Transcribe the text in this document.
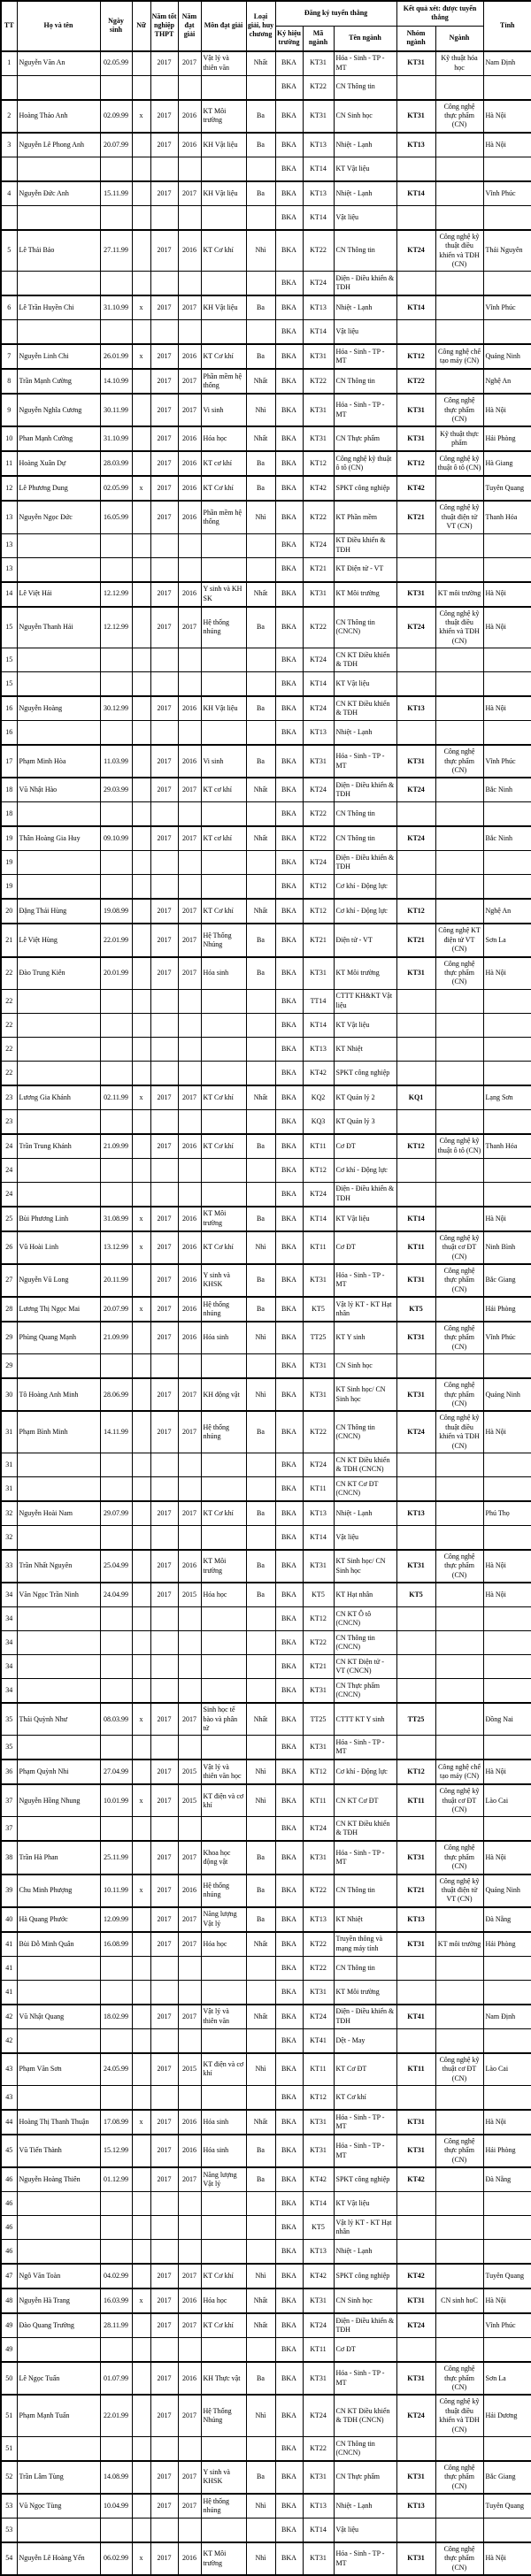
TT	Họ và tên	Ngày sinh	Nữ	Năm tốt nghiệp THPT	Năm đạt giải	Môn đạt giải	Loại giải, huy chương	Đăng ký tuyển thẳng			Kết quả xét: được tuyển thẳng		Tỉnh
								Ký hiệu trường	Mã ngành	Tên ngành	Nhóm ngành	Ngành	
1	Nguyễn Văn An	02.05.99		2017	2017	Vật lý và thiên văn	Nhất	BKA	KT31	Hóa - Sinh - TP - MT	KT31	Kỹ thuật hóa học	Nam Định
								BKA	KT22	CN Thông tin			
2	Hoàng Thảo Anh	02.09.99	x	2017	2016	KT Môi trường	Ba	BKA	KT31	CN Sinh học	KT31	Công nghệ thực phẩm (CN)	Hà Nội
3	Nguyễn Lê Phong Anh	20.07.99		2017	2016	KH Vật liệu	Ba	BKA	KT13	Nhiệt - Lạnh	KT13		Hà Nội
								BKA	KT14	KT Vật liệu			
4	Nguyễn Đức Anh	15.11.99		2017	2017	KH Vật liệu	Ba	BKA	KT13	Nhiệt - Lạnh	KT14		Vĩnh Phúc
								BKA	KT14	Vật liệu			
5	Lê Thái Bảo	27.11.99		2017	2016	KT Cơ khí	Nhì	BKA	KT22	CN Thông tin	KT24	Công nghệ kỹ thuật điều khiển và TĐH (CN)	Thái Nguyên
								BKA	KT24	Điện - Điều khiển & TĐH			
6	Lê Trần Huyền Chi	31.10.99	x	2017	2017	KH Vật liệu	Ba	BKA	KT13	Nhiệt - Lạnh	KT14		Vĩnh Phúc
								BKA	KT14	Vật liệu			
7	Nguyễn Linh Chi	26.01.99	x	2017	2016	KT Cơ khí	Ba	BKA	KT31	Hóa - Sinh - TP - MT	KT12	Công nghệ chế tạo máy (CN)	Quảng Ninh
8	Trần Mạnh Cường	14.10.99		2017	2017	Phần mềm hệ thống	Nhất	BKA	KT22	CN Thông tin	KT22		Nghệ An
9	Nguyễn Nghĩa Cương	30.11.99		2017	2017	Vi sinh	Nhì	BKA	KT31	Hóa - Sinh - TP - MT	KT31	Công nghệ thực phẩm (CN)	Hà Nội
10	Phan Mạnh Cường	31.10.99		2017	2016	Hóa học	Nhất	BKA	KT31	CN Thực phẩm	KT31	Kỹ thuật thực phẩm	Hải Phòng
11	Hoàng Xuân Dự	28.03.99		2017	2016	KT cơ khí	Ba	BKA	KT12	Công nghệ kỹ thuật ô tô (CN)	KT12	Công nghệ kỹ thuật ô tô (CN)	Hà Giang
12	Lê Phương Dung	02.05.99	x	2017	2016	KT Cơ khí	Ba	BKA	KT42	SPKT công nghiệp	KT42		Tuyên Quang
13	Nguyễn Ngọc Đức	16.05.99		2017	2016	Phần mềm hệ thống	Nhì	BKA	KT22	KT Phần mềm	KT21	Công nghệ kỹ thuật điện tử VT (CN)	Thanh Hóa
13								BKA	KT24	KT Điều khiển & TĐH			
13								BKA	KT21	KT Điện tử - VT			
14	Lê Việt Hải	12.12.99		2017	2016	Y sinh và KH SK	Nhất	BKA	KT31	KT Môi trường	KT31	KT môi trường	Hà Nội
15	Nguyễn Thanh Hải	12.12.99		2017	2017	Hệ thống nhúng	Ba	BKA	KT22	CN Thông tin (CNCN)	KT24	Công nghệ kỹ thuật điều khiển và TĐH (CN)	Hà Nội
15								BKA	KT24	CN KT Điều khiển & TĐH			
15								BKA	KT14	KT Vật liệu			
16	Nguyễn Hoàng	30.12.99		2017	2016	KH Vật liệu	Ba	BKA	KT24	CN KT Điều khiển & TĐH	KT13		Hà Nội
16								BKA	KT13	Nhiệt - Lạnh			
17	Phạm Minh Hòa	11.03.99		2017	2016	Vi sinh	Ba	BKA	KT31	Hóa - Sinh - TP - MT	KT31	Công nghệ thực phẩm (CN)	Vĩnh Phúc
18	Vũ Nhật Hào	29.03.99		2017	2017	KT cơ khí	Nhất	BKA	KT24	Điện - Điều khiển & TĐH	KT24		Bắc Ninh
18								BKA	KT22	CN Thông tin			
19	Thân Hoàng Gia Huy	09.10.99		2017	2017	KT cơ khí	Nhất	BKA	KT22	CN Thông tin	KT24		Bắc Ninh
19								BKA	KT24	Điện - Điều khiển & TĐH			
19								BKA	KT12	Cơ khí - Động lực			
20	Đặng Thái Hùng	19.08.99		2017	2017	KT Cơ khí	Nhất	BKA	KT12	Cơ khí - Động lực	KT12		Nghệ An
21	Lê Việt Hùng	22.01.99		2017	2017	Hệ Thống Nhúng	Ba	BKA	KT21	Điện tử - VT	KT21	Công nghệ KT điện tử VT (CN)	Sơn La
22	Đào Trung Kiên	20.01.99		2017	2017	Hóa sinh	Ba	BKA	KT31	KT Môi trường	KT31	Công nghệ thực phẩm (CN)	Hà Nội
22								BKA	TT14	CTTT KH&KT Vật liệu			
22								BKA	KT14	KT Vật liệu			
22								BKA	KT13	KT Nhiệt			
22								BKA	KT42	SPKT công nghiệp			
23	Lương Gia Khánh	02.11.99	x	2017	2017	KT Cơ khí	Nhất	BKA	KQ2	KT Quản lý 2	KQ1		Lạng Sơn
23								BKA	KQ3	KT Quản lý 3			
24	Trần Trung Khánh	21.09.99		2017	2016	KT Cơ khí	Ba	BKA	KT11	Cơ ĐT	KT12	Công nghệ kỹ thuật ô tô (CN)	Thanh Hóa
24								BKA	KT12	Cơ khí - Động lực			
24								BKA	KT24	Điện - Điều khiển & TĐH			
25	Bùi Phương Linh	31.08.99	x	2017	2016	KT Môi trường	Ba	BKA	KT14	KT Vật liệu	KT14		Hà Nội
26	Vũ Hoài Linh	13.12.99	x	2017	2016	KT Cơ khí	Nhì	BKA	KT11	Cơ ĐT	KT11	Công nghệ kỹ thuật cơ ĐT (CN)	Ninh Bình
27	Nguyễn Vũ Long	20.11.99		2017	2016	Y sinh và KHSK	Ba	BKA	KT31	Hóa - Sinh - TP - MT	KT31	Công nghệ thực phẩm (CN)	Bắc Giang
28	Lương Thị Ngọc Mai	20.07.99	x	2017	2016	Hệ thống nhúng	Ba	BKA	KT5	Vật lý KT - KT Hạt nhân	KT5		Hải Phòng
29	Phùng Quang Mạnh	21.09.99		2017	2016	Hóa sinh	Nhì	BKA	TT25	KT Y sinh	KT31	Công nghệ thực phẩm (CN)	Vĩnh Phúc
29								BKA	KT31	CN Sinh học			
30	Tô Hoàng Anh Minh	28.06.99		2017	2017	KH động vật	Nhì	BKA	KT31	KT Sinh học/ CN Sinh học	KT31	Công nghệ thực phẩm (CN)	Quảng Ninh
31	Phạm Bình Minh	14.11.99		2017	2017	Hệ thống nhúng	Ba	BKA	KT22	CN Thông tin (CNCN)	KT24	Công nghệ kỹ thuật điều khiển và TĐH (CN)	Hà Nội
31								BKA	KT24	CN KT Điều khiển & TĐH (CNCN)			
31								BKA	KT11	CN KT Cơ ĐT (CNCN)			
32	Nguyễn Hoài Nam	29.07.99		2017	2017	KT Cơ khí	Ba	BKA	KT13	Nhiệt - Lạnh	KT13		Phú Thọ
32								BKA	KT14	Vật liệu			
33	Trần Nhất Nguyên	25.04.99		2017	2016	KT Môi trường	Ba	BKA	KT31	KT Sinh học/ CN Sinh học	KT31	Công nghệ thực phẩm (CN)	Hà Nội
34	Văn Ngọc Trần Ninh	24.04.99		2017	2015	Hóa học	Ba	BKA	KT5	KT Hạt nhân	KT5		Hà Nội
34								BKA	KT12	CN KT Ô tô (CNCN)			
34								BKA	KT22	CN Thông tin (CNCN)			
34								BKA	KT21	CN KT Điện tử - VT (CNCN)			
34								BKA	KT31	CN Thực phẩm (CNCN)			
35	Thái Quỳnh Như	08.03.99	x	2017	2017	Sinh học tế bào và phân tử	Nhất	BKA	TT25	CTTT KT Y sinh	TT25		Đồng Nai
35								BKA	KT31	Hóa - Sinh - TP - MT			
36	Phạm Quỳnh Nhi	27.04.99		2017	2015	Vật lý và thiên văn học	Nhì	BKA	KT12	Cơ khí - Động lực	KT12	Công nghệ chế tạo máy (CN)	Hà Nội
37	Nguyễn Hồng Nhung	10.01.99	x	2017	2015	KT điện và cơ khí	Nhì	BKA	KT11	CN KT Cơ ĐT	KT11	Công nghệ kỹ thuật cơ ĐT (CN)	Lào Cai
37								BKA	KT24	CN KT Điều khiển & TĐH			
38	Trần Hà Phan	25.11.99		2017	2017	Khoa học động vật	Ba	BKA	KT31	Hóa - Sinh - TP - MT	KT31	Công nghệ thực phẩm (CN)	Hà Nội
39	Chu Minh Phượng	10.11.99	x	2017	2016	Hệ thống nhúng	Ba	BKA	KT22	CN Thông tin	KT21	Công nghệ kỹ thuật điện tử VT (CN)	Quảng Ninh
40	Hà Quang Phước	12.09.99		2017	2017	Năng lượng Vật lý	Ba	BKA	KT13	KT Nhiệt	KT13		Đà Nẵng
41	Bùi Đỗ Minh Quân	16.08.99		2017	2017	Hóa học	Nhất	BKA	KT22	Truyền thông và mạng máy tính	KT31	KT môi trường	Hải Phòng
41								BKA	KT22	CN Thông tin			
41								BKA	KT31	KT Môi trường			
42	Vũ Nhật Quang	18.02.99		2017	2017	Vật lý và thiên văn	Nhất	BKA	KT24	Điện - Điều khiển & TĐH	KT41		Nam Định
42								BKA	KT41	Dệt - May			
43	Phạm Văn Sơn	24.05.99		2017	2015	KT điện và cơ khí	Nhì	BKA	KT11	KT Cơ ĐT	KT11	Công nghệ kỹ thuật cơ ĐT (CN)	Lào Cai
43								BKA	KT12	KT Cơ khí			
44	Hoàng Thị Thanh Thuận	17.08.99	x	2017	2016	Hóa sinh	Nhất	BKA	KT31	Hóa - Sinh - TP - MT	KT31		Hà Nội
45	Vũ Tiến Thành	15.12.99		2017	2016	Hóa sinh	Ba	BKA	KT31	Hóa - Sinh - TP - MT	KT31	Công nghệ thực phẩm (CN)	Hải Phòng
46	Nguyễn Hoàng Thiên	01.12.99		2017	2017	Năng lượng Vật lý	Ba	BKA	KT42	SPKT công nghiệp	KT42		Đà Nẵng
46								BKA	KT14	KT Vật liệu			
46								BKA	KT5	Vật lý KT - KT Hạt nhân			
46								BKA	KT13	Nhiệt - Lạnh			
47	Ngô Văn Toàn	04.02.99		2017	2017	KT Cơ khí	Nhì	BKA	KT42	SPKT công nghiệp	KT42		Tuyên Quang
48	Nguyễn Hà Trang	16.03.99	x	2017	2016	Hóa học	Nhất	BKA	KT31	CN Sinh học	KT31	CN sinh hoC	Hà Nội
49	Đào Quang Trường	28.11.99		2017	2017	KT Cơ khí	Nhất	BKA	KT24	Điện - Điều khiển & TĐH	KT24		Vĩnh Phúc
49								BKA	KT11	Cơ ĐT			
50	Lê Ngọc Tuấn	01.07.99		2017	2016	KH Thực vật	Ba	BKA	KT31	Hóa - Sinh - TP - MT	KT31	Công nghệ thực phẩm (CN)	Sơn La
51	Phạm Mạnh Tuấn	22.01.99		2017	2017	Hệ Thống Nhúng	Nhì	BKA	KT24	CN KT Điều khiển & TĐH (CNCN)	KT24	Công nghệ kỹ thuật điều khiển và TĐH (CN)	Hải Dương
51								BKA	KT22	CN Thông tin (CNCN)			
52	Trần Lâm Tùng	14.08.99		2017	2017	Y sinh và KHSK	Ba	BKA	KT31	CN Thực phẩm	KT31	Công nghệ thực phẩm (CN)	Bắc Giang
53	Vũ Ngọc Tùng	10.04.99		2017	2017	Hệ thống nhúng	Nhì	BKA	KT13	Nhiệt - Lạnh	KT13		Tuyên Quang
53								BKA	KT14	Vật liệu			
54	Nguyễn Lê Hoàng Yến	06.02.99	x	2017	2016	KT Môi trường	Nhì	BKA	KT31	Hóa - Sinh - TP - MT	KT31	Công nghệ thực phẩm (CN)	Hà Nội
